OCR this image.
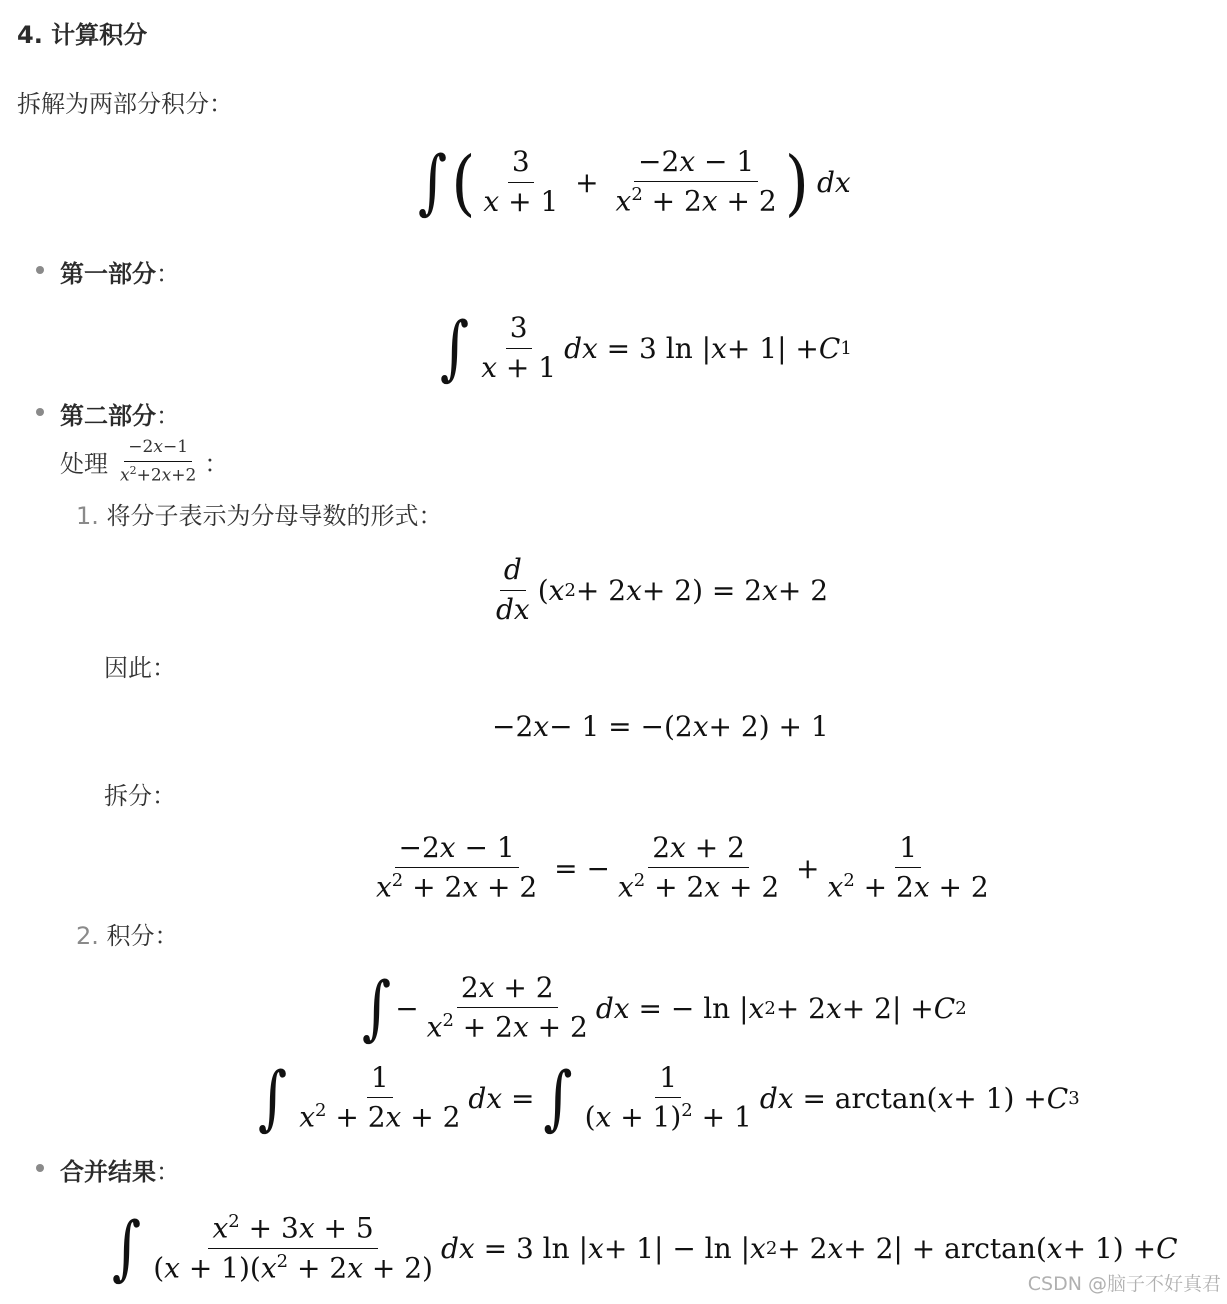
4. 计算积分
拆解为两部分积分：
∫ ( $\frac{3}{x + 1} + \frac{-2x - 1}{x^2 + 2x + 2}$ ) dx
第一部分：
∫ $\frac{3}{x + 1}$ dx = 3 ln | x + 1| + C 1
第二部分：
处理 $\frac{-2x-1}{x^2+2x+2}$ ：
1. 将分子表示为分母导数的形式：
$\frac{d}{dx}$ ( x 2 + 2 x + 2) = 2 x + 2
因此：
−2 x − 1 = −(2 x + 2) + 1
拆分：
$\frac{-2x - 1}{x^2 + 2x + 2}$ = − $\frac{2x + 2}{x^2 + 2x + 2} + \frac{1}{x^2 + 2x + 2}$
2. 积分：
∫ − $\frac{2x + 2}{x^2 + 2x + 2}$ dx = − ln | x 2 + 2 x + 2| + C 2
∫ $\frac{1}{x^2 + 2x + 2}$ dx = ∫ $\frac{1}{(x + 1)^2 + 1}$ dx = arctan( x + 1) + C 3
合并结果：
∫ $\frac{x^2 + 3x + 5}{(x + 1)(x^2 + 2x + 2)}$ dx = 3 ln | x + 1| − ln | x 2 + 2 x + 2| + arctan( x + 1) + C
CSDN @脑子不好真君
